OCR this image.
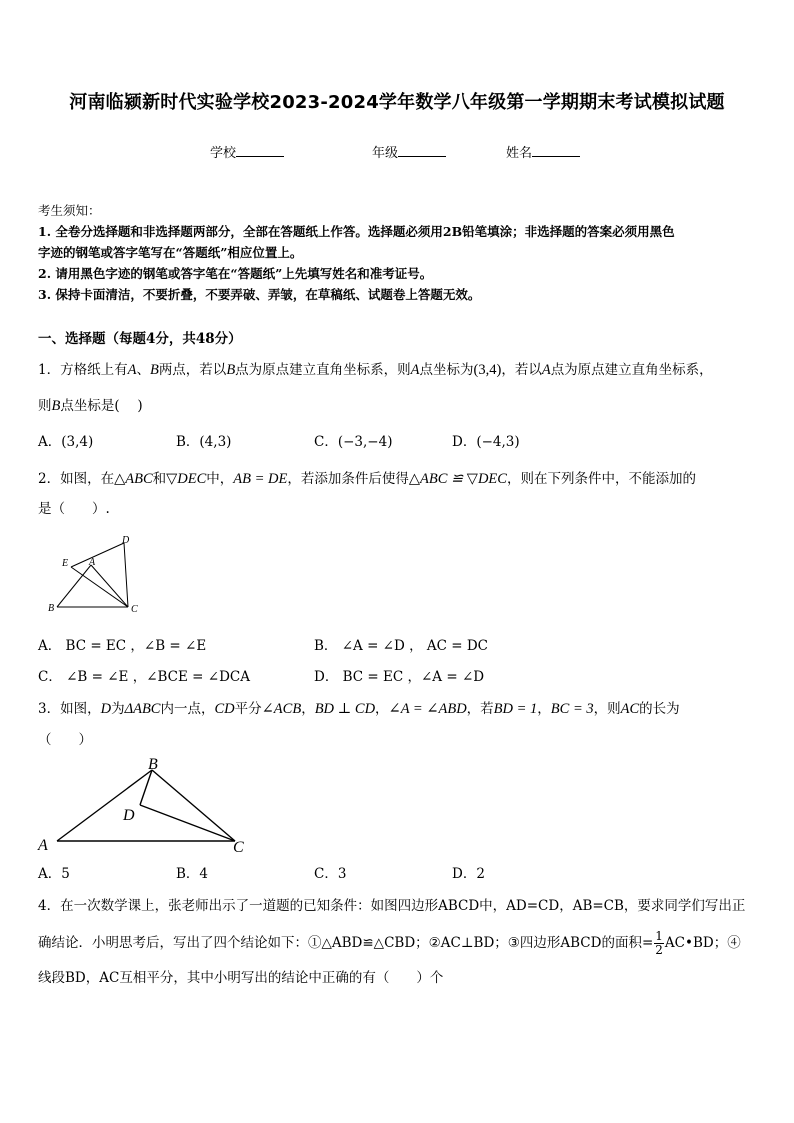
河南临颍新时代实验学校2023-2024学年数学八年级第一学期期末考试模拟试题
学校	年级	姓名
考生须知：
1. 全卷分选择题和非选择题两部分，全部在答题纸上作答。选择题必须用2B铅笔填涂；非选择题的答案必须用黑色
字迹的钢笔或答字笔写在“答题纸”相应位置上。
2. 请用黑色字迹的钢笔或答字笔在“答题纸”上先填写姓名和准考证号。
3. 保持卡面清洁，不要折叠，不要弄破、弄皱，在草稿纸、试题卷上答题无效。
一、选择题（每题4分，共48分）
1．方格纸上有A、B两点，若以B点为原点建立直角坐标系，则A点坐标为(3,4)，若以A点为原点建立直角坐标系，
则B点坐标是(　 )
A．(3,4)	B．(4,3)	C．(−3,−4)	D．(−4,3)
2．如图，在△ABC和▽DEC中，AB = DE，若添加条件后使得△ABC ≌ ▽DEC，则在下列条件中，不能添加的
是（　　）.
D
E A
B	C
A． BC = EC ，∠B = ∠E	B． ∠A = ∠D ， AC = DC
C． ∠B = ∠E ，∠BCE = ∠DCA	D． BC = EC ，∠A = ∠D
3．如图，D为ΔABC内一点，CD平分∠ACB，BD ⊥ CD，∠A = ∠ABD，若BD = 1，BC = 3，则AC的长为
（　　）
A
B
C
D
A．5	B．4	C．3	D．2
4．在一次数学课上，张老师出示了一道题的已知条件：如图四边形ABCD中，AD=CD，AB=CB，要求同学们写出正
确结论．小明思考后，写出了四个结论如下：①△ABD≌△CBD；②AC⊥BD；③四边形ABCD的面积= $\frac{1}{2}$ AC•BD；④
线段BD，AC互相平分，其中小明写出的结论中正确的有（　　）个
